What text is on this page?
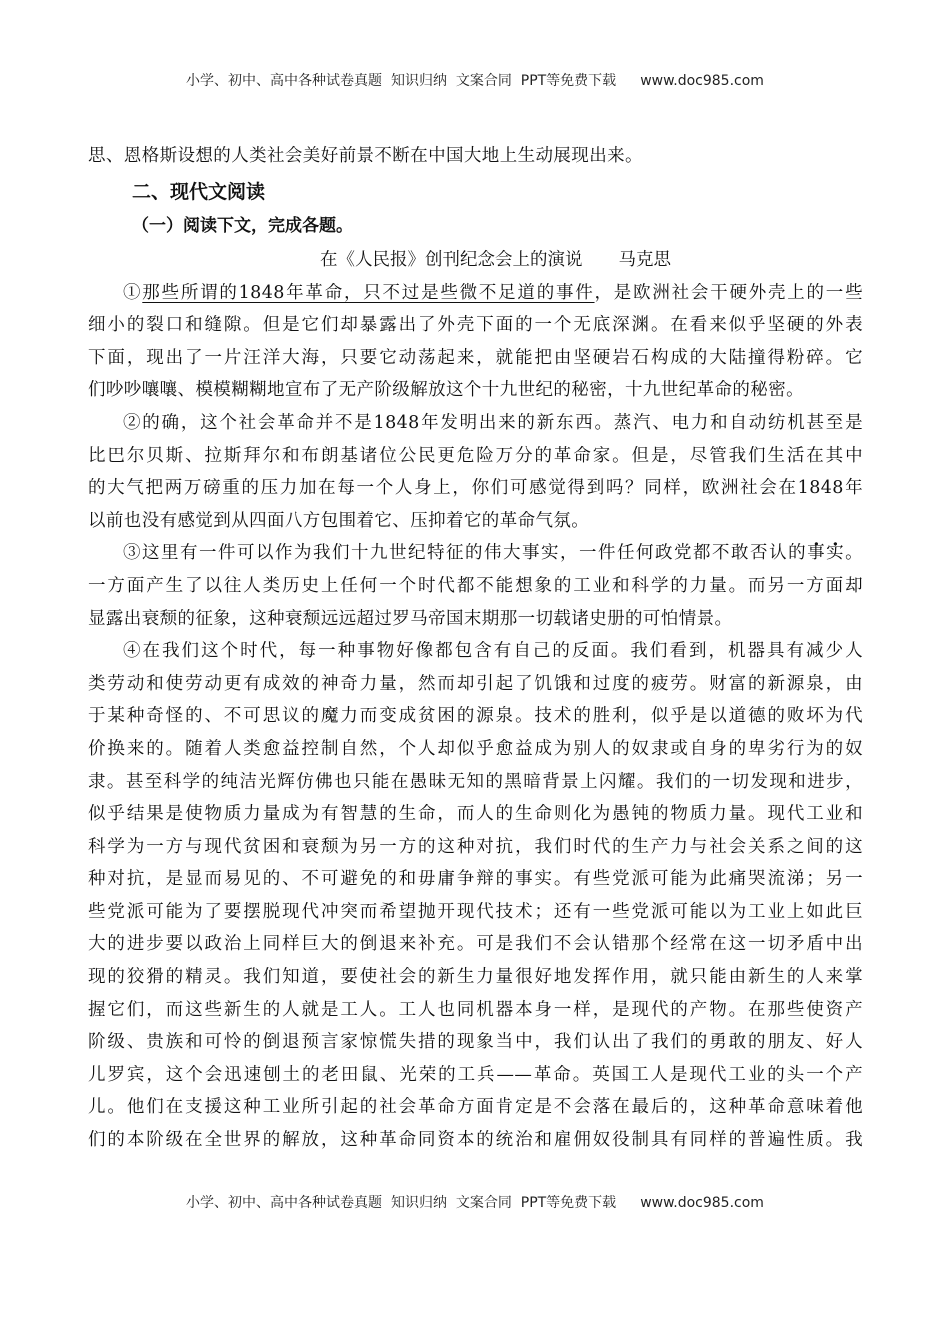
小学、初中、高中各种试卷真题  知识归纳  文案合同  PPT等免费下载 www.doc985.com
思、恩格斯设想的人类社会美好前景不断在中国大地上生动展现出来。
二、现代文阅读
（一）阅读下文，完成各题。
在《人民报》创刊纪念会上的演说 马克思
①那些所谓的1848年革命，只不过是些微不足道的事件，是欧洲社会干硬外壳上的一些
细小的裂口和缝隙。但是它们却暴露出了外壳下面的一个无底深渊。在看来似乎坚硬的外表
下面，现出了一片汪洋大海，只要它动荡起来，就能把由坚硬岩石构成的大陆撞得粉碎。它
们吵吵嚷嚷、模模糊糊地宣布了无产阶级解放这个十九世纪的秘密，十九世纪革命的秘密。
②的确，这个社会革命并不是1848年发明出来的新东西。蒸汽、电力和自动纺机甚至是
比巴尔贝斯、拉斯拜尔和布朗基诸位公民更危险万分的革命家。但是，尽管我们生活在其中
的大气把两万磅重的压力加在每一个人身上，你们可感觉得到吗？同样，欧洲社会在1848年
以前也没有感觉到从四面八方包围着它、压抑着它的革命气氛。
③这里有一件可以作为我们十九世纪特征的伟大事实，一件任何政党都不敢否认的事实。
一方面产生了以往人类历史上任何一个时代都不能想象的工业和科学的力量。而另一方面却
显露出衰颓的征象，这种衰颓远远超过罗马帝国末期那一切载诸史册的可怕情景。
④在我们这个时代，每一种事物好像都包含有自己的反面。我们看到，机器具有减少人
类劳动和使劳动更有成效的神奇力量，然而却引起了饥饿和过度的疲劳。财富的新源泉，由
于某种奇怪的、不可思议的魔力而变成贫困的源泉。技术的胜利，似乎是以道德的败坏为代
价换来的。随着人类愈益控制自然，个人却似乎愈益成为别人的奴隶或自身的卑劣行为的奴
隶。甚至科学的纯洁光辉仿佛也只能在愚昧无知的黑暗背景上闪耀。我们的一切发现和进步，
似乎结果是使物质力量成为有智慧的生命，而人的生命则化为愚钝的物质力量。现代工业和
科学为一方与现代贫困和衰颓为另一方的这种对抗，我们时代的生产力与社会关系之间的这
种对抗，是显而易见的、不可避免的和毋庸争辩的事实。有些党派可能为此痛哭流涕；另一
些党派可能为了要摆脱现代冲突而希望抛开现代技术；还有一些党派可能以为工业上如此巨
大的进步要以政治上同样巨大的倒退来补充。可是我们不会认错那个经常在这一切矛盾中出
现的狡猾的精灵。我们知道，要使社会的新生力量很好地发挥作用，就只能由新生的人来掌
握它们，而这些新生的人就是工人。工人也同机器本身一样，是现代的产物。在那些使资产
阶级、贵族和可怜的倒退预言家惊慌失措的现象当中，我们认出了我们的勇敢的朋友、好人
儿罗宾，这个会迅速刨土的老田鼠、光荣的工兵——革命。英国工人是现代工业的头一个产
儿。他们在支援这种工业所引起的社会革命方面肯定是不会落在最后的，这种革命意味着他
们的本阶级在全世界的解放，这种革命同资本的统治和雇佣奴役制具有同样的普遍性质。我
小学、初中、高中各种试卷真题  知识归纳  文案合同  PPT等免费下载 www.doc985.com
